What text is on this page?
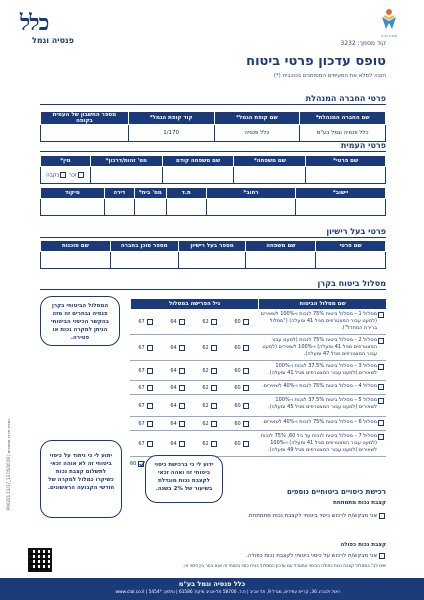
כלל
פנסיה וגמל	קופת ענייה
קוד מסמך: 3232
טופס עדכון פרטי ביטוח
חובה למלא את הסעיפים המסומנים בכוכבית (*)
פרטי החברה המנהלת
שם החברה המנהלת*	שם קופת הגמל*	קוד קופת הגמל*	מספר החשבון של העמית בקופה
כלל פנסיה וגמל בע"מ	כלל פנסיה	1/170	
פרטי העמית
שם פרטי*	שם משפחה*	שם משפחה קודם	מס' זהות/דרכון*	מין*
				זכר נקבה
יישוב*	רחוב*	ת.ד	מס' בית*	דירה	מיקוד

פרטי בעל רישיון
שם פרטי	שם משפחה	מספר בעל רישיון	מספר סוכן בחברה	שם סוכנות

מסלול ביטוח בקרן
שם מסלול הביטוח
גיל הפרישה במסלול
מסלול 1 – מסלול ביטוח 75% לנכות ו-100% לשאירים (למעט עבור המצטרפים מגיל 41 ומעלה) ("מסלול ברירת המחדל").
60
62
64
67
מסלול 2 – מסלול ביטוח 75% לנכות (למעט עבור המצטרפים מגיל 41 ומעלה) ו-100% לשאירים (למעט עבור המצטרפים מגיל 47 ומעלה).
60
62
64
67
מסלול 3 – מסלול ביטוח 37.5% לנכות ו-100% לשאירים (למעט עבור המצטרפים מגיל 41 ומעלה).
60
62
64
67
מסלול 4 – מסלול ביטוח 75% לנכות ו-40% לשאירים.
60
62
64
67
מסלול 5 – מסלול ביטוח 37.5% לנכות ו-100% לשאירים (למעט עבור המצטרפים מגיל 45 ומעלה).
60
62
64
67
מסלול 6 – מסלול ביטוח 75% לנכות ו-40% לשאירים.
60
62
64
67
מסלול 7 – מסלול ביטוח לנכות עד גיל 60, 75% לנכות (למעט עבור המצטרפים מגיל 41 ומעלה) ו-100% לשאירים (למעט עבור המצטרפים מגיל 49 ומעלה).
60
62
64
67
60
המסלול הביטוחי בקרן פנסיה נבחרים זה מזה בהקשר הכיסוי הביטוחי הניתן למקרה נכות או פטירה.
יתוע לי כי ניתוד על כיסוי ביטוחי זה לא אוהה זכאי לתשלום קצבת נכות כשיקרו כמלול למקרה של חודשי הקבועה הראשונים.
ידוע לי כי ברכישת כיסוי ביטוחי זה ואהה זכאי לקצבת נכות מוגדלת בשיעור של 2% בשנה.	רכישת כיסויים ביטוחיים נוספים
קצבת נכות מתמתחת
אני מבקש/ת לרכוש כיסוי ביטוחי לקצבת נכות מתמתחת.
קצבת נכות כפולה
אני מבקש/ת לרכוש על כיסוי ביטוחי לקצבת נכות כפולה.
שים לב! במסלול קצבת נכות כפולה הכיסוי המוגדל עם עדכון המסלול בבית כסוי ביטוחי זה אנא בחר בין כיסוי זה.
P00201 12/17_13 נספח מרכז מסמכים | 05/2019
כלל פנסיה וגמל בע"מ
ראול ולנברג 36, קריית עתידים, מגדל 9, תל אביב | ת.ד. 58700 תל-אביב מיקוד 61586 | טלפון: *5454 | www.clal.co.il
